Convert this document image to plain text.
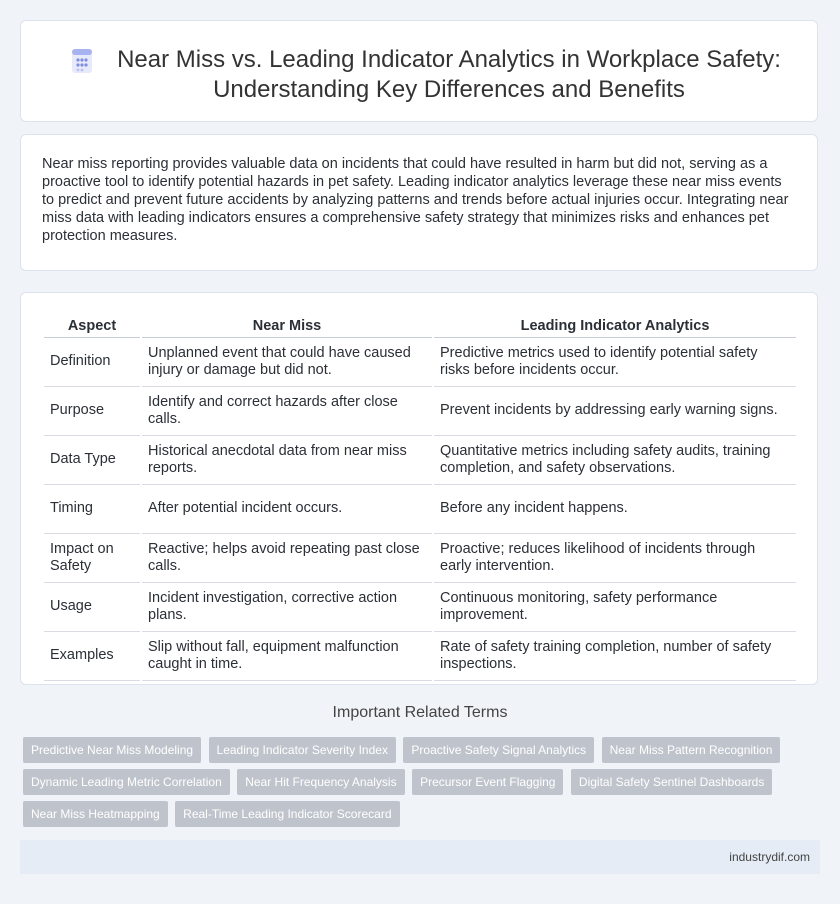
Near Miss vs. Leading Indicator Analytics in Workplace Safety:
Understanding Key Differences and Benefits

Near miss reporting provides valuable data on incidents that could have resulted in harm but did not, serving as a proactive tool to identify potential hazards in pet safety. Leading indicator analytics leverage these near miss events to predict and prevent future accidents by analyzing patterns and trends before actual injuries occur. Integrating near miss data with leading indicators ensures a comprehensive safety strategy that minimizes risks and enhances pet protection measures.

Aspect	Near Miss	Leading Indicator Analytics
Definition	Unplanned event that could have caused injury or damage but did not.	Predictive metrics used to identify potential safety risks before incidents occur.
Purpose	Identify and correct hazards after close calls.	Prevent incidents by addressing early warning signs.
Data Type	Historical anecdotal data from near miss reports.	Quantitative metrics including safety audits, training completion, and safety observations.
Timing	After potential incident occurs.	Before any incident happens.
Impact on Safety	Reactive; helps avoid repeating past close calls.	Proactive; reduces likelihood of incidents through early intervention.
Usage	Incident investigation, corrective action plans.	Continuous monitoring, safety performance improvement.
Examples	Slip without fall, equipment malfunction caught in time.	Rate of safety training completion, number of safety inspections.
Important Related Terms
Predictive Near Miss Modeling Leading Indicator Severity Index Proactive Safety Signal Analytics Near Miss Pattern Recognition Dynamic Leading Metric Correlation Near Hit Frequency Analysis Precursor Event Flagging Digital Safety Sentinel Dashboards Near Miss Heatmapping Real-Time Leading Indicator Scorecard
industrydif.com
